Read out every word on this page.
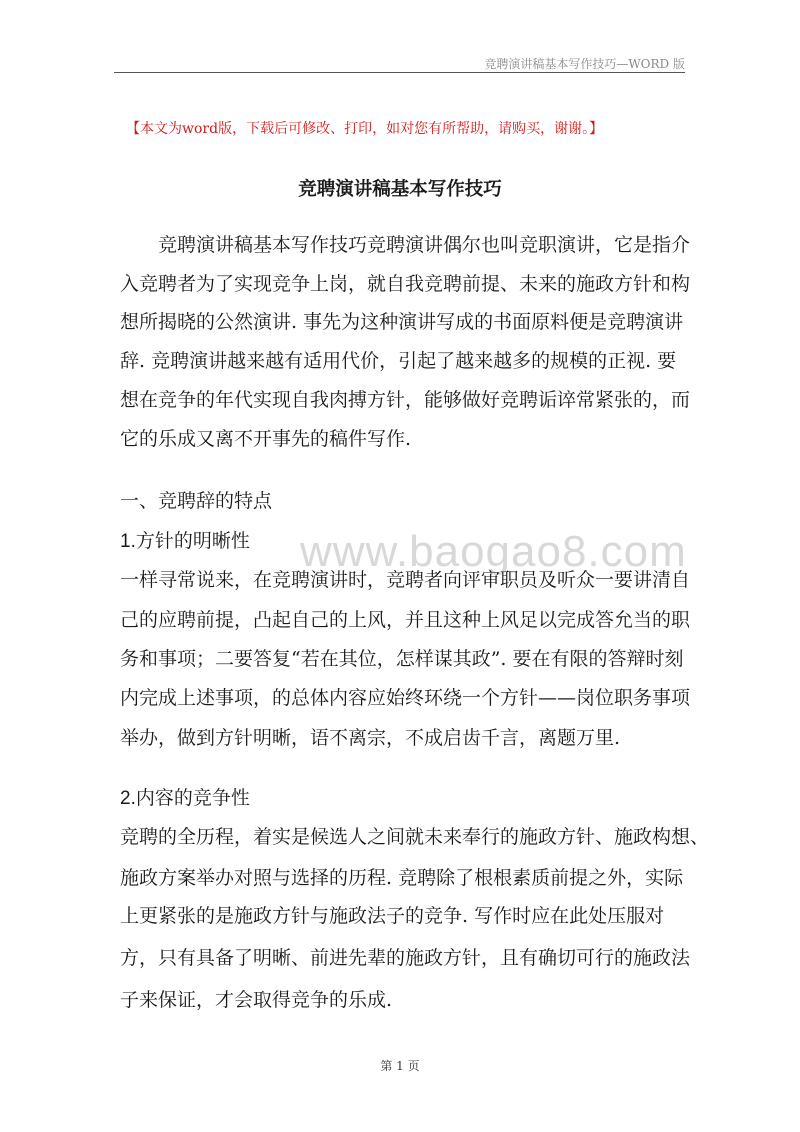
竞聘演讲稿基本写作技巧—WORD 版
【本文为word版，下载后可修改、打印，如对您有所帮助，请购买，谢谢。】
竞聘演讲稿基本写作技巧
www.baogao8.com
　　竞聘演讲稿基本写作技巧竞聘演讲偶尔也叫竞职演讲，它是指介
入竞聘者为了实现竞争上岗，就自我竞聘前提、未来的施政方针和构
想所揭晓的公然演讲. 事先为这种演讲写成的书面原料便是竞聘演讲
辞. 竞聘演讲越来越有适用代价，引起了越来越多的规模的正视. 要
想在竞争的年代实现自我肉搏方针，能够做好竞聘诟谇常紧张的，而
它的乐成又离不开事先的稿件写作.
一、竞聘辞的特点
1.方针的明晰性
一样寻常说来，在竞聘演讲时，竞聘者向评审职员及听众一要讲清自
己的应聘前提，凸起自己的上风，并且这种上风足以完成答允当的职
务和事项；二要答复“若在其位，怎样谋其政”. 要在有限的答辩时刻
内完成上述事项，的总体内容应始终环绕一个方针——岗位职务事项
举办，做到方针明晰，语不离宗，不成启齿千言，离题万里.
2.内容的竞争性
竞聘的全历程，着实是候选人之间就未来奉行的施政方针、施政构想、
施政方案举办对照与选择的历程. 竞聘除了根根素质前提之外，实际
上更紧张的是施政方针与施政法子的竞争. 写作时应在此处压服对
方，只有具备了明晰、前进先辈的施政方针，且有确切可行的施政法
子来保证，才会取得竞争的乐成.
第 1 页
